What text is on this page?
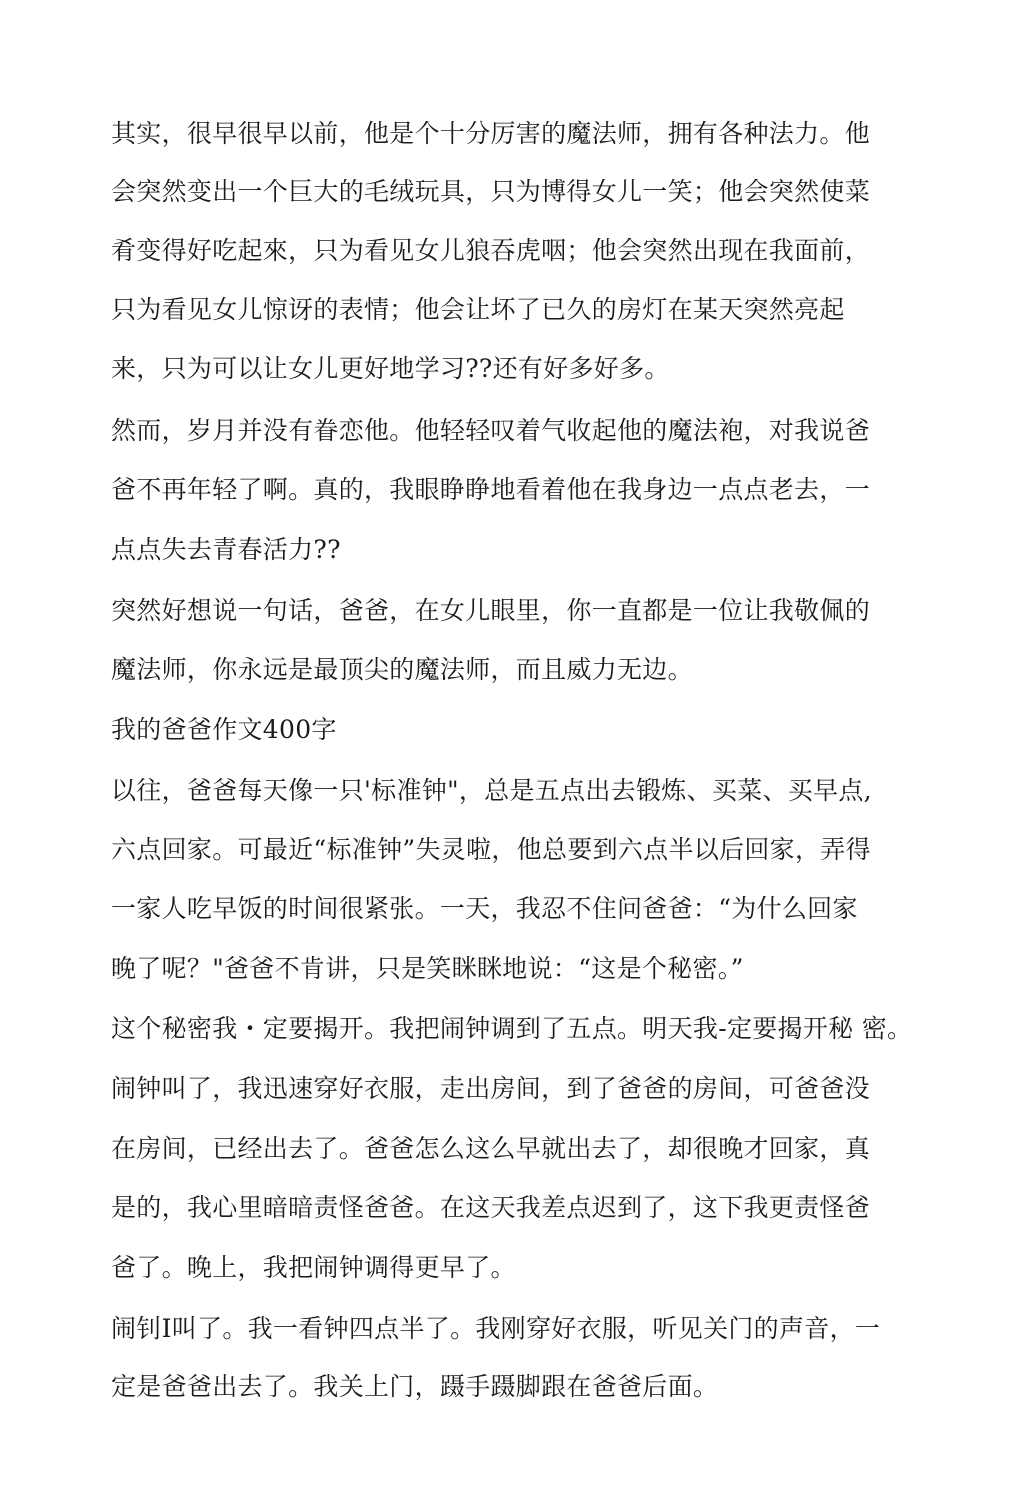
其实，很早很早以前，他是个十分厉害的魔法师，拥有各种法力。他
会突然变出一个巨大的毛绒玩具，只为博得女儿一笑；他会突然使菜
肴变得好吃起來，只为看见女儿狼吞虎咽；他会突然出现在我面前，
只为看见女儿惊讶的表情；他会让坏了已久的房灯在某天突然亮起
来，只为可以让女儿更好地学习??还有好多好多。
然而，岁月并没有眷恋他。他轻轻叹着气收起他的魔法袍，对我说爸
爸不再年轻了啊。真的，我眼睁睁地看着他在我身边一点点老去，一
点点失去青春活力??
突然好想说一句话，爸爸，在女儿眼里，你一直都是一位让我敬佩的
魔法师，你永远是最顶尖的魔法师，而且威力无边。
我的爸爸作文400字
以往，爸爸每天像一只'标准钟"，总是五点出去锻炼、买菜、买早点,
六点回家。可最近“标准钟”失灵啦，他总要到六点半以后回家，弄得
一家人吃早饭的时间很紧张。一天，我忍不住问爸爸：“为什么回家
晚了呢？"爸爸不肯讲，只是笑眯眯地说：“这是个秘密。”
这个秘密我・定要揭开。我把闹钟调到了五点。明天我-定要揭开秘 密。
闹钟叫了，我迅速穿好衣服，走出房间，到了爸爸的房间，可爸爸没
在房间，已经出去了。爸爸怎么这么早就出去了，却很晚才回家，真
是的，我心里暗暗责怪爸爸。在这天我差点迟到了，这下我更责怪爸
爸了。晚上，我把闹钟调得更早了。
闹钊I叫了。我一看钟四点半了。我刚穿好衣服，听见关门的声音，一
定是爸爸出去了。我关上门，蹑手蹑脚跟在爸爸后面。
